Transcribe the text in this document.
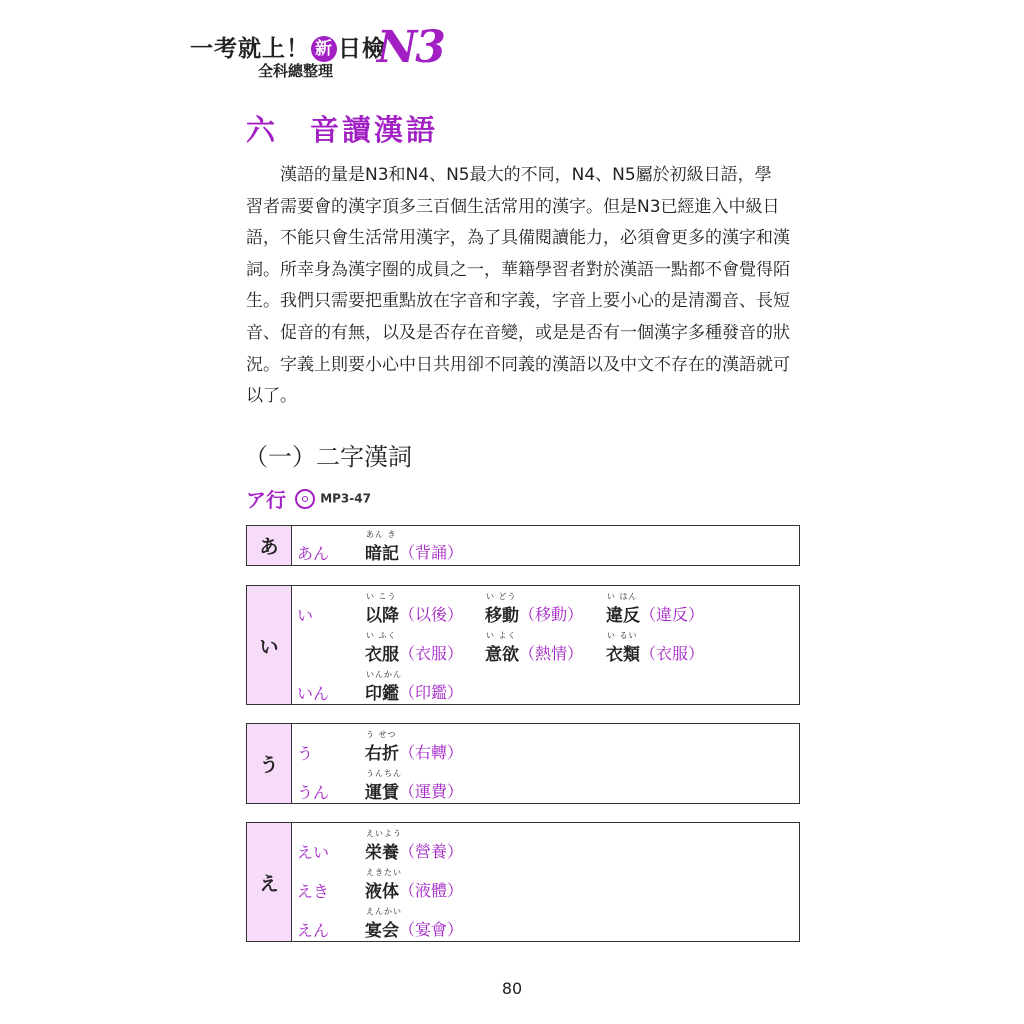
一考就上！ 新 日檢
全科總整理 N3
六　音讀漢語
　　漢語的量是N3和N4、N5最大的不同，N4、N5屬於初級日語，學
習者需要會的漢字頂多三百個生活常用的漢字。但是N3已經進入中級日
語，不能只會生活常用漢字，為了具備閱讀能力，必須會更多的漢字和漢
詞。所幸身為漢字圈的成員之一，華籍學習者對於漢語一點都不會覺得陌
生。我們只需要把重點放在字音和字義，字音上要小心的是清濁音、長短
音、促音的有無，以及是否存在音變，或是是否有一個漢字多種發音的狀
況。字義上則要小心中日共用卻不同義的漢語以及中文不存在的漢語就可
以了。
（一）二字漢詞
ア行	MP3-47
あ	あん
あん き
暗記 （背誦）
い
い
い こう
以降 （以後）
い どう
移動 （移動）
い はん
違反 （違反）
い ふく
衣服 （衣服）
い よく
意欲 （熱情）
い るい
衣類 （衣服）
いん
いんかん
印鑑 （印鑑）
う
う
う せつ
右折 （右轉）
うん
うんちん
運賃 （運費）
え
えい
えいよう
栄養 （營養）
えき
えきたい
液体 （液體）
えん
えんかい
宴会 （宴會）
80
